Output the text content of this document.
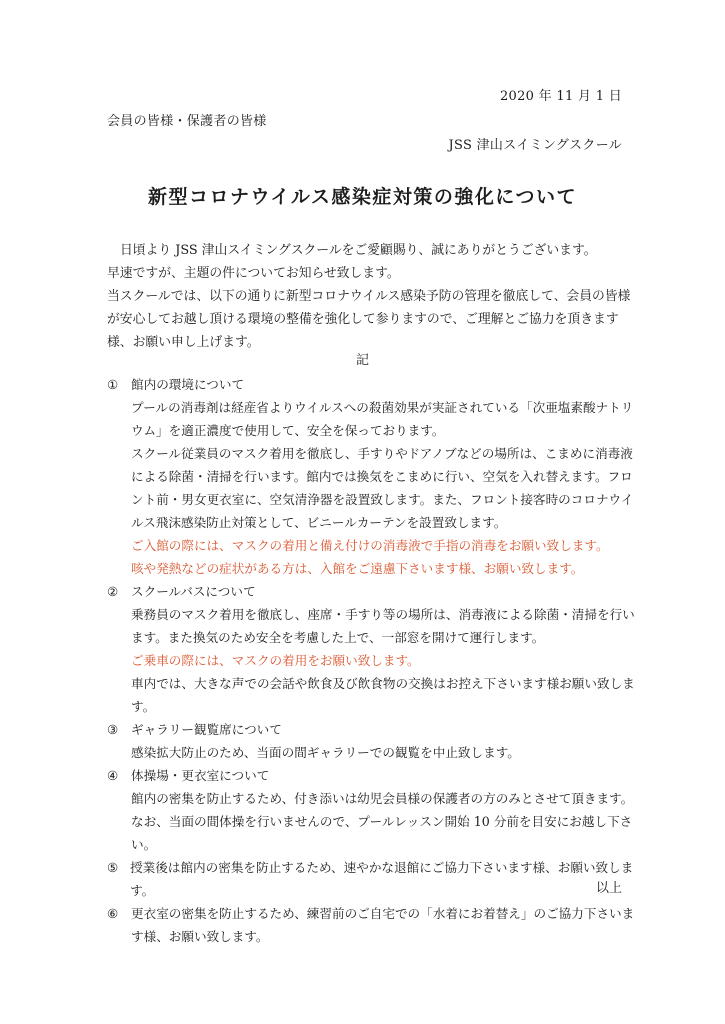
2020 年 11 月 1 日
会員の皆様・保護者の皆様
JSS 津山スイミングスクール
新型コロナウイルス感染症対策の強化について

日頃より JSS 津山スイミングスクールをご愛顧賜り、誠にありがとうございます。

早速ですが、主題の件についてお知らせ致します。

当スクールでは、以下の通りに新型コロナウイルス感染予防の管理を徹底して、会員の皆様が安心してお越し頂ける環境の整備を強化して参りますので、ご理解とご協力を頂きます様、お願い申し上げます。

記
①	館内の環境について
プールの消毒剤は経産省よりウイルスへの殺菌効果が実証されている「次亜塩素酸ナトリウム」を適正濃度で使用して、安全を保っております。
スクール従業員のマスク着用を徹底し、手すりやドアノブなどの場所は、こまめに消毒液による除菌・清掃を行います。館内では換気をこまめに行い、空気を入れ替えます。フロント前・男女更衣室に、空気清浄器を設置致します。また、フロント接客時のコロナウイルス飛沫感染防止対策として、ビニールカーテンを設置致します。
ご入館の際には、マスクの着用と備え付けの消毒液で手指の消毒をお願い致します。
咳や発熱などの症状がある方は、入館をご遠慮下さいます様、お願い致します。
②	スクールバスについて
乗務員のマスク着用を徹底し、座席・手すり等の場所は、消毒液による除菌・清掃を行います。また換気のため安全を考慮した上で、一部窓を開けて運行します。
ご乗車の際には、マスクの着用をお願い致します。
車内では、大きな声での会話や飲食及び飲食物の交換はお控え下さいます様お願い致します。
③	ギャラリー観覧席について
感染拡大防止のため、当面の間ギャラリーでの観覧を中止致します。
④	体操場・更衣室について
館内の密集を防止するため、付き添いは幼児会員様の保護者の方のみとさせて頂きます。
なお、当面の間体操を行いませんので、プールレッスン開始 10 分前を目安にお越し下さい。
⑤ 授業後は館内の密集を防止するため、速やかな退館にご協力下さいます様、お願い致します。
⑥	更衣室の密集を防止するため、練習前のご自宅での「水着にお着替え」のご協力下さいます様、お願い致します。
以上
